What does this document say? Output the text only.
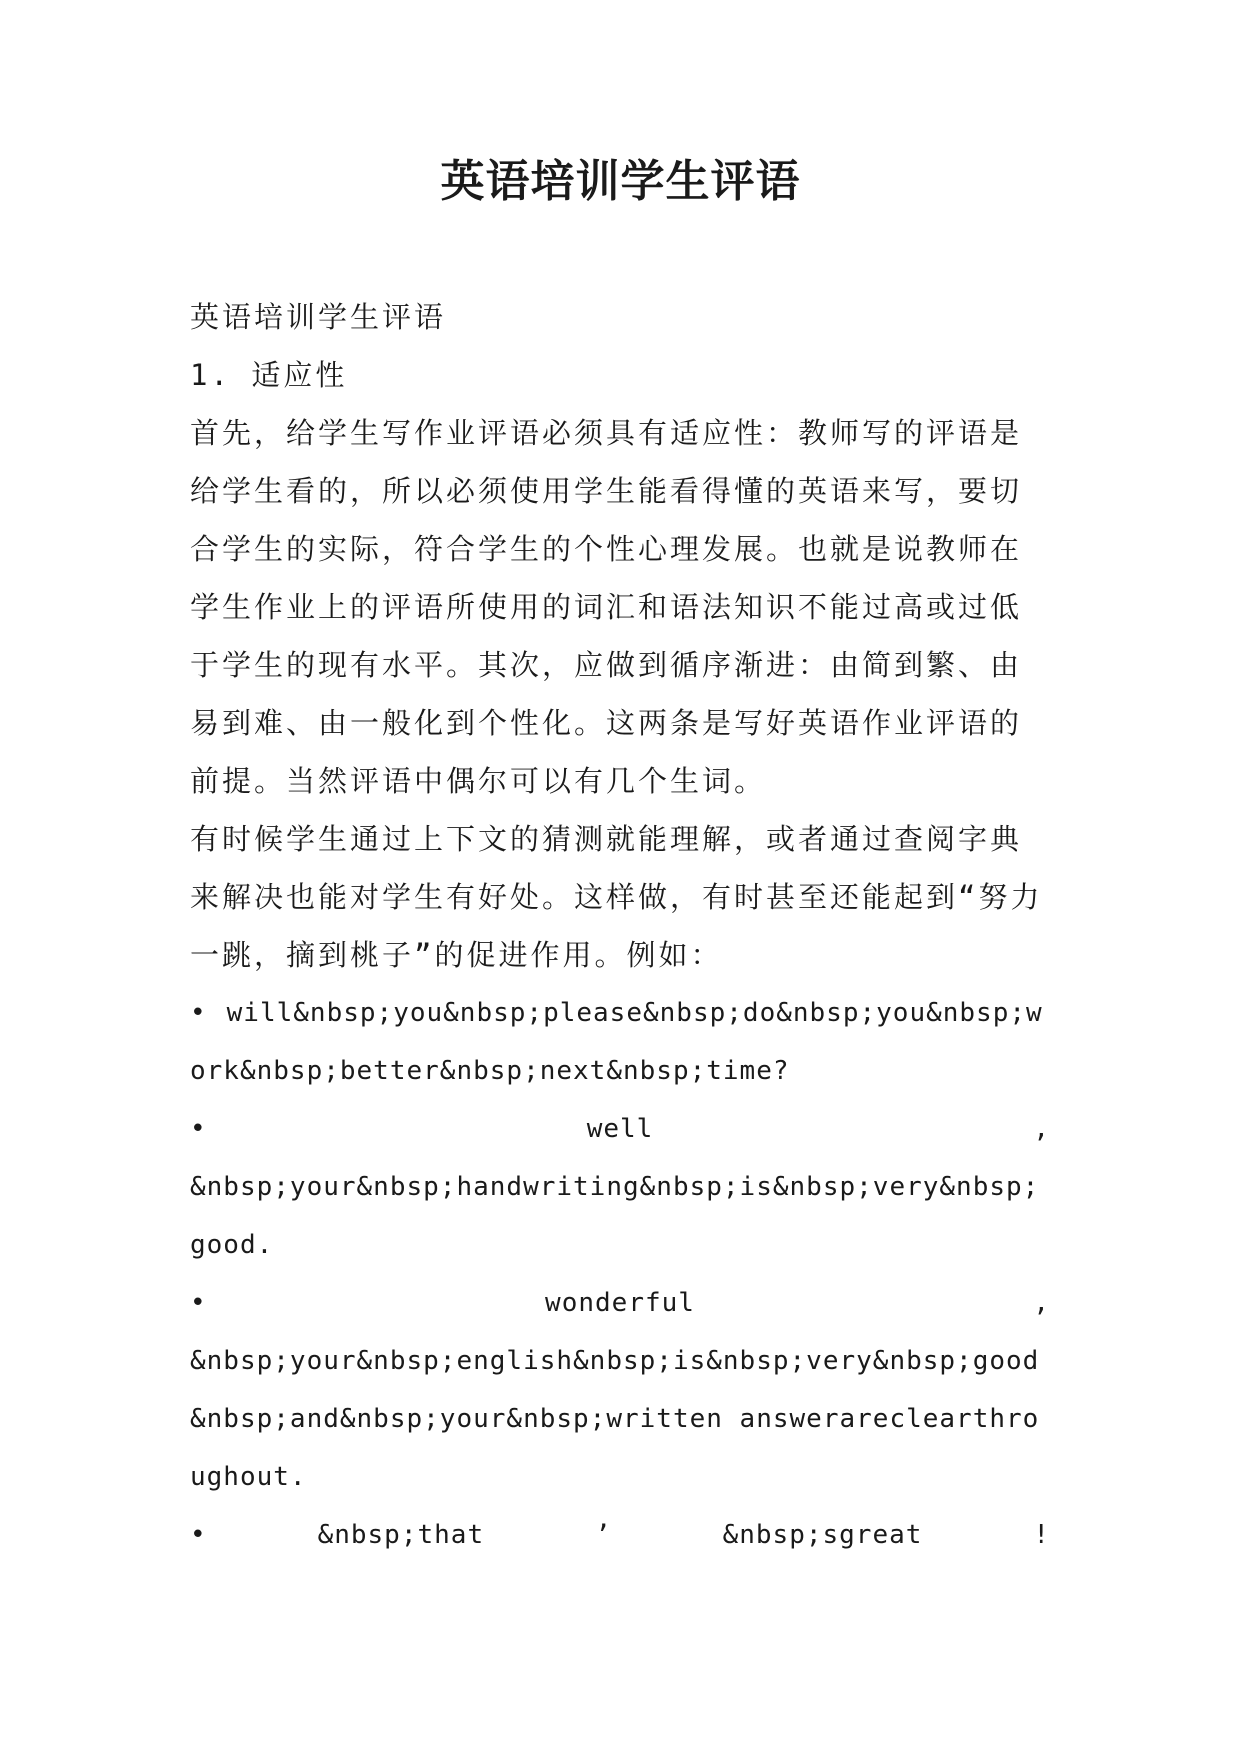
英语培训学生评语

英语培训学生评语

1. 适应性

首先，给学生写作业评语必须具有适应性：教师写的评语是给学生看的，所以必须使用学生能看得懂的英语来写，要切合学生的实际，符合学生的个性心理发展。也就是说教师在学生作业上的评语所使用的词汇和语法知识不能过高或过低于学生的现有水平。其次，应做到循序渐进：由简到繁、由易到难、由一般化到个性化。这两条是写好英语作业评语的前提。当然评语中偶尔可以有几个生词。

有时候学生通过上下文的猜测就能理解，或者通过查阅字典来解决也能对学生有好处。这样做，有时甚至还能起到“努力一跳，摘到桃子”的促进作用。例如：

• will&nbsp;you&nbsp;please&nbsp;do&nbsp;you&nbsp;work&nbsp;better&nbsp;next&nbsp;time?

•	well	,

&nbsp;your&nbsp;handwriting&nbsp;is&nbsp;very&nbsp;good.

•	wonderful	,

&nbsp;your&nbsp;english&nbsp;is&nbsp;very&nbsp;good&nbsp;and&nbsp;your&nbsp;written answerareclearthroughout.

•	&nbsp;that	’	&nbsp;sgreat	!
